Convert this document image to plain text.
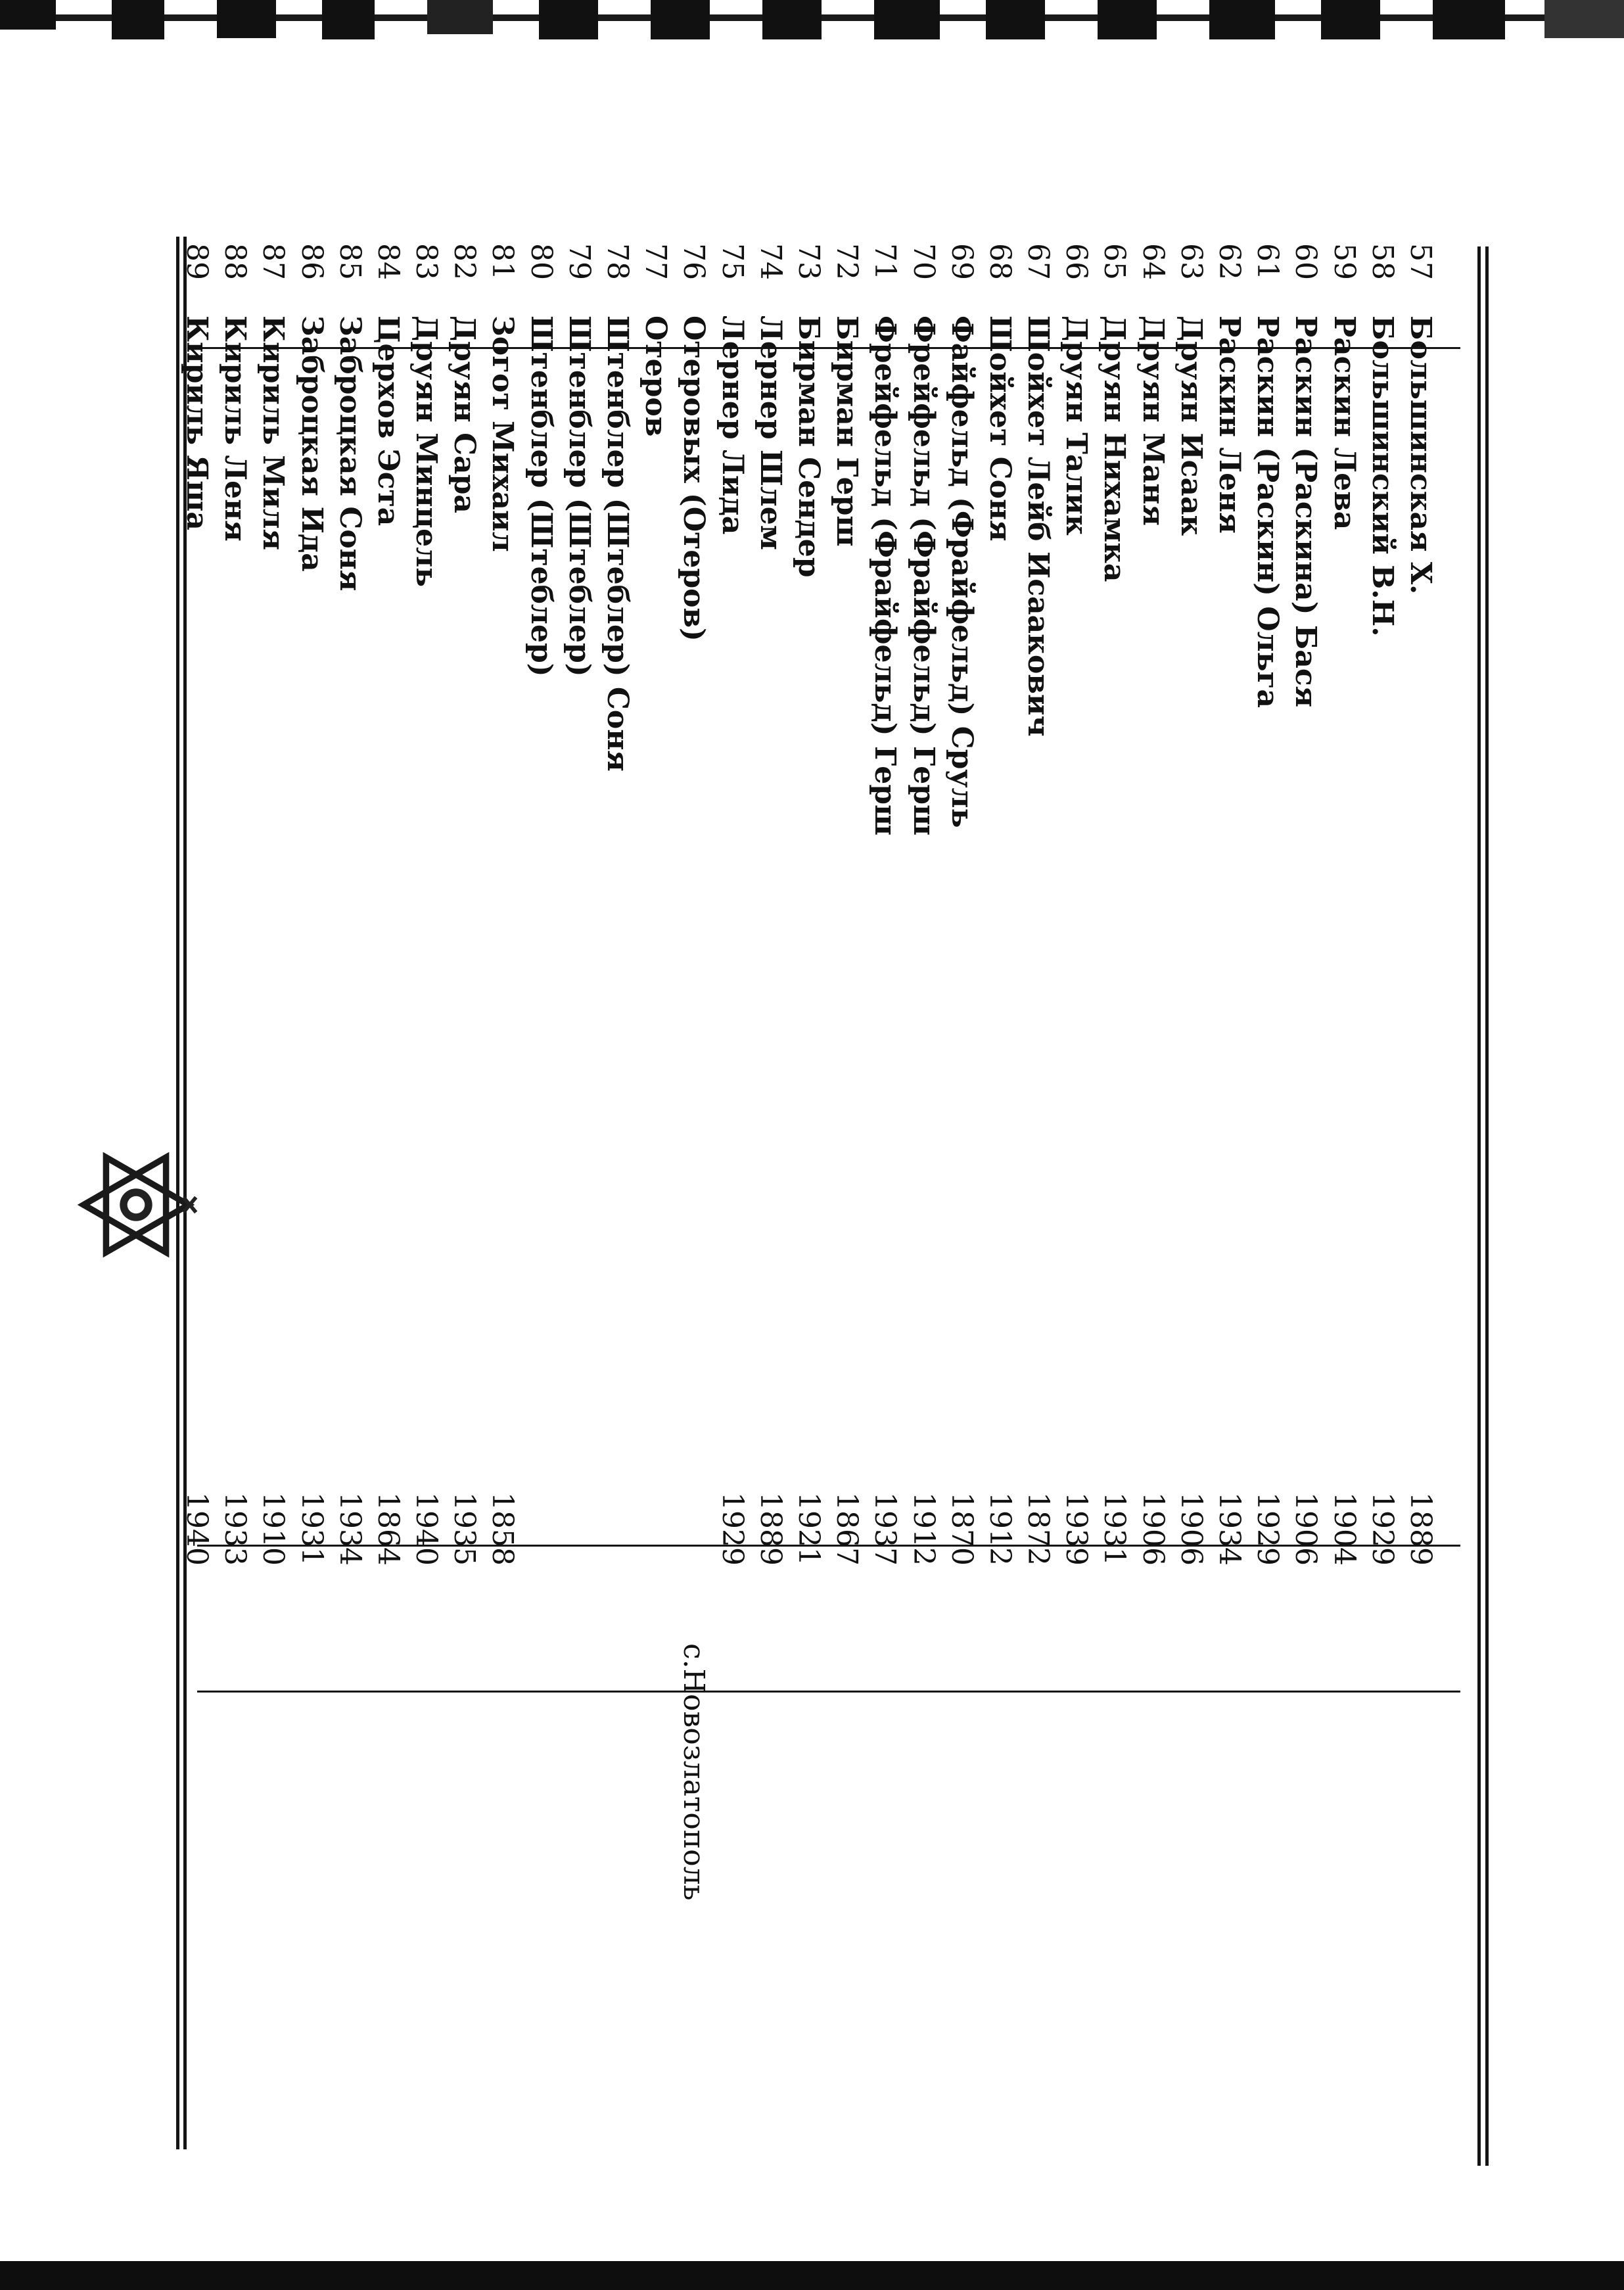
57
Большинская Х.
1889
58
Большинский В.Н.
1929
59
Раскин Лева
1904
60
Раскин (Раскина) Бася
1906
61
Раскин (Раскин) Ольга
1929
62
Раскин Леня
1934
63
Друян Исаак
1906
64
Друян Маня
1906
65
Друян Нихамка
1931
66
Друян Талик
1939
67
Шойхет Лейб Исаакович
1872
68
Шойхет Соня
1912
69
Файфельд (Фрайфельд) Сруль
1870
70
Фрейфельд (Фрайфельд) Герш
1912
71
Фрейфельд (Фрайфельд) Герш
1937
72
Бирман Герш
1867
73
Бирман Сендер
1921
74
Лернер Шлем
1889
75
Лернер Лида
1929
76
Отеровых (Отеров)
с.Новозлатополь
77
Отеров
78
Штенблер (Штеблер) Соня
79
Штенблер (Штеблер)
80
Штенблер (Штеблер)
81
Зогот Михаил
1858
82
Друян Сара
1935
83
Друян Минцель
1940
84
Церхов Эста
1864
85
Заброцкая Соня
1934
86
Заброцкая Ида
1931
87
Кириль Миля
1910
88
Кириль Леня
1933
89
Кириль Яша
1940
